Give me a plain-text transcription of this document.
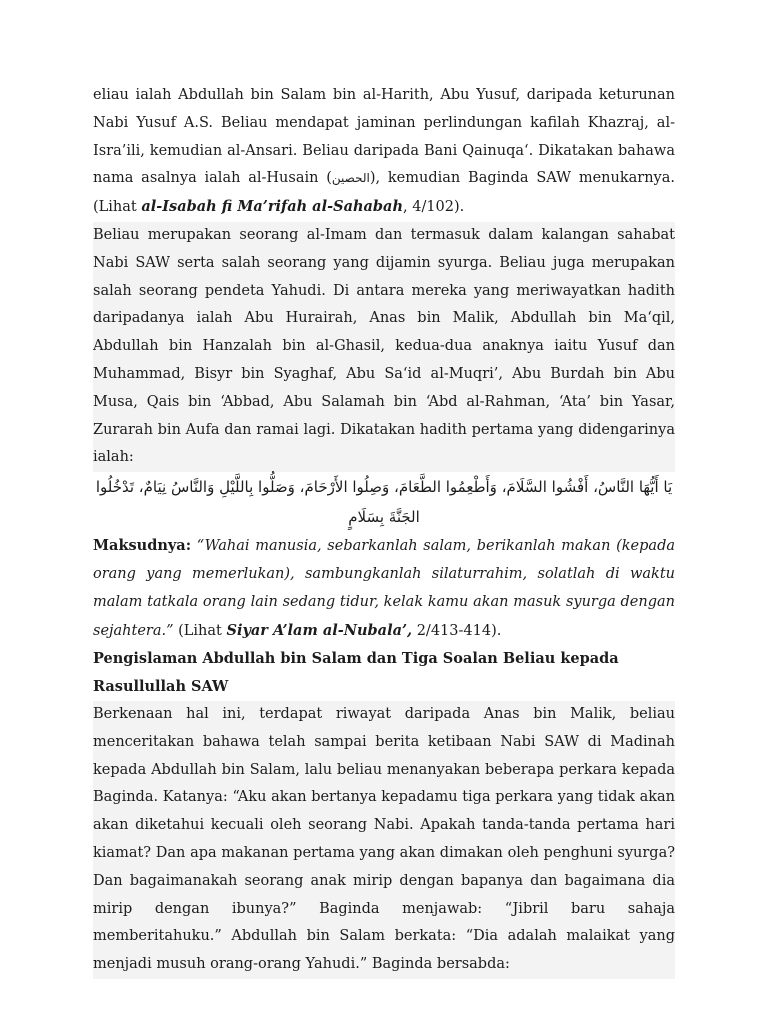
eliau ialah Abdullah bin Salam bin al-Harith, Abu Yusuf, daripada keturunan Nabi Yusuf A.S. Beliau mendapat jaminan perlindungan kafilah Khazraj, al-Isra’ili, kemudian al-Ansari. Beliau daripada Bani Qainuqa‘. Dikatakan bahawa nama asalnya ialah al-Husain (الحصين), kemudian Baginda SAW menukarnya. (Lihat al-Isabah fi Ma’rifah al-Sahabah, 4/102).

Beliau merupakan seorang al-Imam dan termasuk dalam kalangan sahabat Nabi SAW serta salah seorang yang dijamin syurga. Beliau juga merupakan salah seorang pendeta Yahudi. Di antara mereka yang meriwayatkan hadith daripadanya ialah Abu Hurairah, Anas bin Malik, Abdullah bin Ma‘qil, Abdullah bin Hanzalah bin al-Ghasil, kedua-dua anaknya iaitu Yusuf dan Muhammad, Bisyr bin Syaghaf, Abu Sa‘id al-Muqri’, Abu Burdah bin Abu Musa, Qais bin ‘Abbad, Abu Salamah bin ‘Abd al-Rahman, ‘Ata’ bin Yasar, Zurarah bin Aufa dan ramai lagi. Dikatakan hadith pertama yang didengarinya ialah:

يَا أَيُّهَا النَّاسُ، أَفْشُوا السَّلَامَ، وَأَطْعِمُوا الطَّعَامَ، وَصِلُوا الأَرْحَامَ، وَصَلُّوا بِاللَّيْلِ وَالنَّاسُ نِيَامٌ، تَدْخُلُوا الجَنَّةَ بِسَلَامٍ

Maksudnya: “Wahai manusia, sebarkanlah salam, berikanlah makan (kepada orang yang memerlukan), sambungkanlah silaturrahim, solatlah di waktu malam tatkala orang lain sedang tidur, kelak kamu akan masuk syurga dengan sejahtera.” (Lihat Siyar A’lam al-Nubala’, 2/413-414).

Pengislaman Abdullah bin Salam dan Tiga Soalan Beliau kepada Rasullullah SAW

Berkenaan hal ini, terdapat riwayat daripada Anas bin Malik, beliau menceritakan bahawa telah sampai berita ketibaan Nabi SAW di Madinah kepada Abdullah bin Salam, lalu beliau menanyakan beberapa perkara kepada Baginda. Katanya: “Aku akan bertanya kepadamu tiga perkara yang tidak akan akan diketahui kecuali oleh seorang Nabi. Apakah tanda-tanda pertama hari kiamat? Dan apa makanan pertama yang akan dimakan oleh penghuni syurga? Dan bagaimanakah seorang anak mirip dengan bapanya dan bagaimana dia mirip dengan ibunya?” Baginda menjawab: “Jibril baru sahaja memberitahuku.” Abdullah bin Salam berkata: “Dia adalah malaikat yang menjadi musuh orang-orang Yahudi.” Baginda bersabda:
